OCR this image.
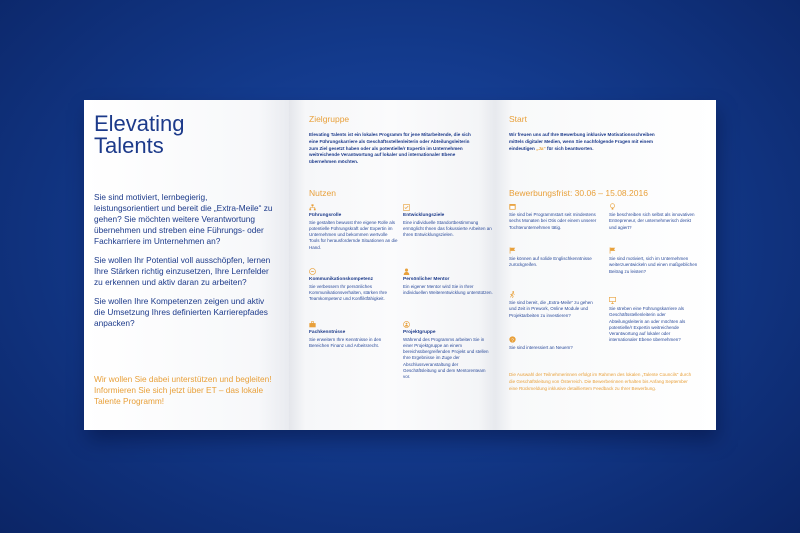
Elevating
Talents

Sie sind motiviert, lernbegierig, leistungsorientiert und bereit die „Extra-Meile“ zu gehen? Sie möchten weitere Verantwortung übernehmen und streben eine Führungs- oder Fachkarriere im Unternehmen an?

Sie wollen Ihr Potential voll ausschöpfen, lernen Ihre Stärken richtig einzusetzen, Ihre Lernfelder zu erkennen und aktiv daran zu arbeiten?

Sie wollen Ihre Kompetenzen zeigen und aktiv die Umsetzung Ihres definierten Karrierepfades anpacken?

Wir wollen Sie dabei unterstützen und begleiten! Informieren Sie sich jetzt über ET – das lokale Talente Programm!
Zielgruppe
Elevating Talents ist ein lokales Programm für jene Mitarbeitende, die sich eine Führungskarriere als Geschäftsstellenleiterin oder Abteilungsleiterin zum Ziel gesetzt haben oder als potentielle/r Expertin im Unternehmen weitreichende Verantwortung auf lokaler und internationaler Ebene übernehmen möchten.
Nutzen
Führungsrolle
Sie gestalten bewusst Ihre eigene Rolle als potentielle Führungskraft oder Expertin im Unternehmen und bekommen wertvolle Tools für herausfordernde Situationen an die Hand.
Entwicklungsziele
Eine individuelle Standortbestimmung ermöglicht Ihnen das fokussierte Arbeiten an Ihren Entwicklungszielen.
Kommunikationskompetenz
Sie verbessern Ihr persönliches Kommunikationsverhalten, stärken Ihre Teamkompetenz und Konfliktfähigkeit.
Persönlicher Mentor
Ein eigener Mentor wird Sie in Ihrer individuellen Weiterentwicklung unterstützen.
Fachkenntnisse
Sie erweitern Ihre Kenntnisse in den Bereichen Finanz und Arbeitsrecht.
Projektgruppe
Während des Programms arbeiten Sie in einer Projektgruppe an einem bereichsübergreifenden Projekt und stellen Ihre Ergebnisse im Zuge der Abschlussveranstaltung der Geschäftsleitung und dem Mentorenteam vor.
Start
Wir freuen uns auf Ihre Bewerbung inklusive Motivationsschreiben mittels digitaler Medien, wenn Sie nachfolgende Fragen mit einem eindeutigen „Ja“ für sich beantworten.
Bewerbungsfrist: 30.06 – 15.08.2016
Sie sind bei Programmstart seit mindestens sechs Monaten bei Otis oder einem unserer Tochterunternehmen tätig.
Sie beschreiben sich selbst als innovativen Entrepreneur, der unternehmerisch denkt und agiert?
Sie können auf solide Englischkenntnisse zurückgreifen.
Sie sind motiviert, sich im Unternehmen weiterzuentwickeln und einen maßgeblichen Beitrag zu leisten?
Sie sind bereit, die „Extra-Meile“ zu gehen und Zeit in Prework, Online Module und Projektarbeiten zu investieren?
Sie streben eine Führungskarriere als Geschäftsstellenleiterin oder Abteilungsleiterin an oder möchten als potentielle/r Expertin weitreichende Verantwortung auf lokaler oder internationaler Ebene übernehmen?
?
Sie sind interessiert an Neuem?
Die Auswahl der Teilnehmerinnen erfolgt im Rahmen des lokalen „Talente Councils“ durch die Geschäftsleitung von Österreich. Die Bewerberinnen erhalten bis Anfang September eine Rückmeldung inklusive detailliertem Feedback zu Ihrer Bewerbung.
